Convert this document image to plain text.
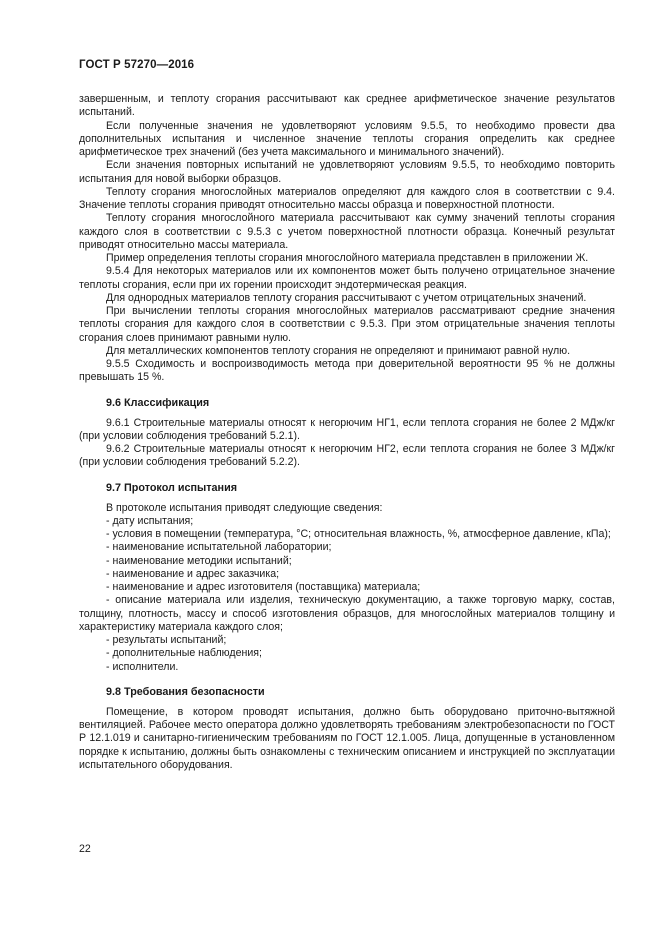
ГОСТ Р 57270—2016

завершенным, и теплоту сгорания рассчитывают как среднее арифметическое значение результатов испытаний.

Если полученные значения не удовлетворяют условиям 9.5.5, то необходимо провести два дополнительных испытания и численное значение теплоты сгорания определить как среднее арифметическое трех значений (без учета максимального и минимального значений).

Если значения повторных испытаний не удовлетворяют условиям 9.5.5, то необходимо повторить испытания для новой выборки образцов.

Теплоту сгорания многослойных материалов определяют для каждого слоя в соответствии с 9.4. Значение теплоты сгорания приводят относительно массы образца и поверхностной плотности.

Теплоту сгорания многослойного материала рассчитывают как сумму значений теплоты сгорания каждого слоя в соответствии с 9.5.3 с учетом поверхностной плотности образца. Конечный результат приводят относительно массы материала.

Пример определения теплоты сгорания многослойного материала представлен в приложении Ж.

9.5.4 Для некоторых материалов или их компонентов может быть получено отрицательное значение теплоты сгорания, если при их горении происходит эндотермическая реакция.

Для однородных материалов теплоту сгорания рассчитывают с учетом отрицательных значений.

При вычислении теплоты сгорания многослойных материалов рассматривают средние значения теплоты сгорания для каждого слоя в соответствии с 9.5.3. При этом отрицательные значения теплоты сгорания слоев принимают равными нулю.

Для металлических компонентов теплоту сгорания не определяют и принимают равной нулю.

9.5.5 Сходимость и воспроизводимость метода при доверительной вероятности 95 % не должны превышать 15 %.

9.6 Классификация

9.6.1 Строительные материалы относят к негорючим НГ1, если теплота сгорания не более 2 МДж/кг (при условии соблюдения требований 5.2.1).

9.6.2 Строительные материалы относят к негорючим НГ2, если теплота сгорания не более 3 МДж/кг (при условии соблюдения требований 5.2.2).

9.7 Протокол испытания

В протоколе испытания приводят следующие сведения:

- дату испытания;

- условия в помещении (температура, °С; относительная влажность, %, атмосферное давление, кПа);

- наименование испытательной лаборатории;

- наименование методики испытаний;

- наименование и адрес заказчика;

- наименование и адрес изготовителя (поставщика) материала;

- описание материала или изделия, техническую документацию, а также торговую марку, состав, толщину, плотность, массу и способ изготовления образцов, для многослойных материалов толщину и характеристику материала каждого слоя;

- результаты испытаний;

- дополнительные наблюдения;

- исполнители.

9.8 Требования безопасности

Помещение, в котором проводят испытания, должно быть оборудовано приточно-вытяжной вентиляцией. Рабочее место оператора должно удовлетворять требованиям электробезопасности по ГОСТ Р 12.1.019 и санитарно-гигиеническим требованиям по ГОСТ 12.1.005. Лица, допущенные в установленном порядке к испытанию, должны быть ознакомлены с техническим описанием и инструкцией по эксплуатации испытательного оборудования.

22
